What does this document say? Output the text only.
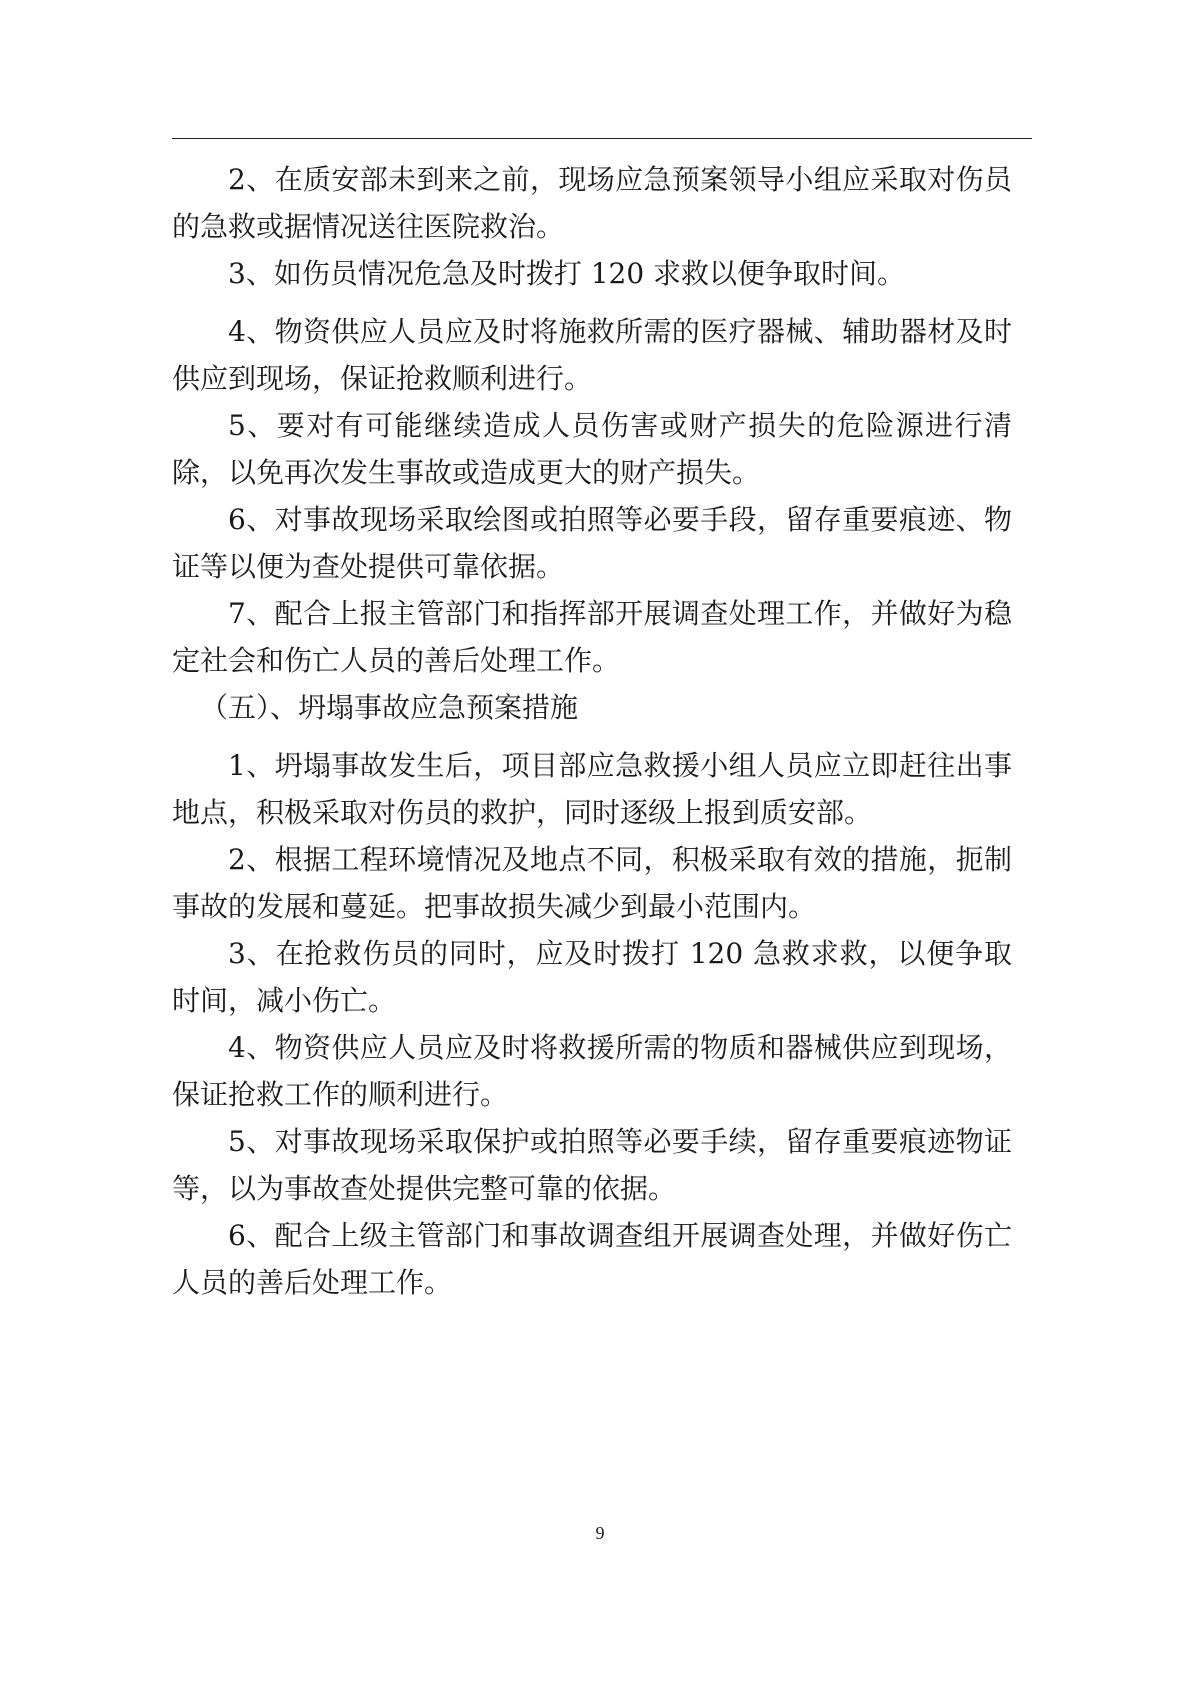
2、在质安部未到来之前，现场应急预案领导小组应采取对伤员的急救或据情况送往医院救治。

3、如伤员情况危急及时拨打 120 求救以便争取时间。

4、物资供应人员应及时将施救所需的医疗器械、辅助器材及时供应到现场，保证抢救顺利进行。

5、要对有可能继续造成人员伤害或财产损失的危险源进行清除，以免再次发生事故或造成更大的财产损失。

6、对事故现场采取绘图或拍照等必要手段，留存重要痕迹、物证等以便为查处提供可靠依据。

7、配合上报主管部门和指挥部开展调查处理工作，并做好为稳定社会和伤亡人员的善后处理工作。

（五）、坍塌事故应急预案措施

1、坍塌事故发生后，项目部应急救援小组人员应立即赶往出事地点，积极采取对伤员的救护，同时逐级上报到质安部。

2、根据工程环境情况及地点不同，积极采取有效的措施，扼制事故的发展和蔓延。把事故损失减少到最小范围内。

3、在抢救伤员的同时，应及时拨打 120 急救求救，以便争取时间，减小伤亡。

4、物资供应人员应及时将救援所需的物质和器械供应到现场，保证抢救工作的顺利进行。

5、对事故现场采取保护或拍照等必要手续，留存重要痕迹物证等，以为事故查处提供完整可靠的依据。

6、配合上级主管部门和事故调查组开展调查处理，并做好伤亡人员的善后处理工作。

9
